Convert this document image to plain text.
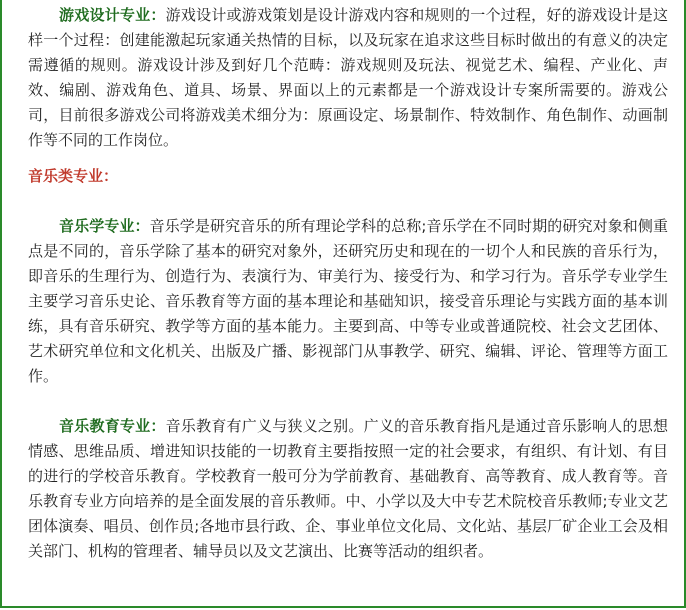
游戏设计专业：游戏设计或游戏策划是设计游戏内容和规则的一个过程，好的游戏设计是这样一个过程：创建能激起玩家通关热情的目标，以及玩家在追求这些目标时做出的有意义的决定需遵循的规则。游戏设计涉及到好几个范畴：游戏规则及玩法、视觉艺术、编程、产业化、声效、编剧、游戏角色、道具、场景、界面以上的元素都是一个游戏设计专案所需要的。游戏公司，目前很多游戏公司将游戏美术细分为：原画设定、场景制作、特效制作、角色制作、动画制作等不同的工作岗位。

音乐类专业：

音乐学专业：音乐学是研究音乐的所有理论学科的总称;音乐学在不同时期的研究对象和侧重点是不同的，音乐学除了基本的研究对象外，还研究历史和现在的一切个人和民族的音乐行为，即音乐的生理行为、创造行为、表演行为、审美行为、接受行为、和学习行为。音乐学专业学生主要学习音乐史论、音乐教育等方面的基本理论和基础知识，接受音乐理论与实践方面的基本训练，具有音乐研究、教学等方面的基本能力。主要到高、中等专业或普通院校、社会文艺团体、艺术研究单位和文化机关、出版及广播、影视部门从事教学、研究、编辑、评论、管理等方面工作。

音乐教育专业：音乐教育有广义与狭义之别。广义的音乐教育指凡是通过音乐影响人的思想情感、思维品质、增进知识技能的一切教育主要指按照一定的社会要求，有组织、有计划、有目的进行的学校音乐教育。学校教育一般可分为学前教育、基础教育、高等教育、成人教育等。音乐教育专业方向培养的是全面发展的音乐教师。中、小学以及大中专艺术院校音乐教师;专业文艺团体演奏、唱员、创作员;各地市县行政、企、事业单位文化局、文化站、基层厂矿企业工会及相关部门、机构的管理者、辅导员以及文艺演出、比赛等活动的组织者。
